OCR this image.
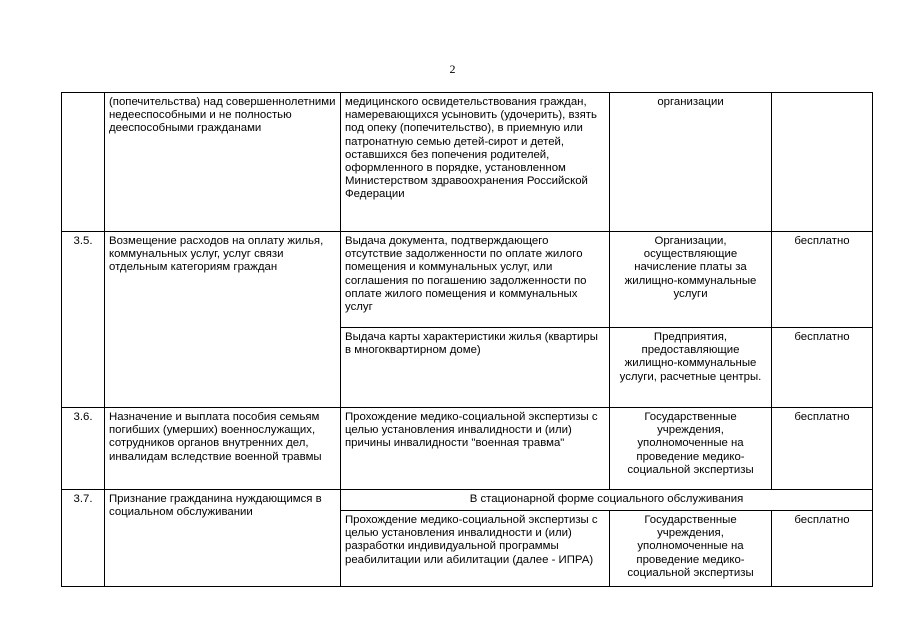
2
	(попечительства) над совершеннолетними недееспособными и не полностью дееспособными гражданами	медицинского освидетельствования граждан, намеревающихся усыновить (удочерить), взять под опеку (попечительство), в приемную или патронатную семью детей-сирот и детей, оставшихся без попечения родителей, оформленного в порядке, установленном Министерством здравоохранения Российской Федерации	организации	
3.5.	Возмещение расходов на оплату жилья, коммунальных услуг, услуг связи отдельным категориям граждан	Выдача документа, подтверждающего отсутствие задолженности по оплате жилого помещения и коммунальных услуг, или соглашения по погашению задолженности по оплате жилого помещения и коммунальных услуг	Организации, осуществляющие начисление платы за жилищно-коммунальные услуги	бесплатно
		Выдача карты характеристики жилья (квартиры в многоквартирном доме)	Предприятия, предоставляющие жилищно-коммунальные услуги, расчетные центры.	бесплатно
3.6.	Назначение и выплата пособия семьям погибших (умерших) военнослужащих, сотрудников органов внутренних дел, инвалидам вследствие военной травмы	Прохождение медико-социальной экспертизы с целью установления инвалидности и (или) причины инвалидности "военная травма"	Государственные учреждения, уполномоченные на проведение медико-социальной экспертизы	бесплатно
3.7.	Признание гражданина нуждающимся в социальном обслуживании	В стационарной форме социального обслуживания		
		Прохождение медико-социальной экспертизы с целью установления инвалидности и (или) разработки индивидуальной программы реабилитации или абилитации (далее - ИПРА)	Государственные учреждения, уполномоченные на проведение медико-социальной экспертизы	бесплатно
